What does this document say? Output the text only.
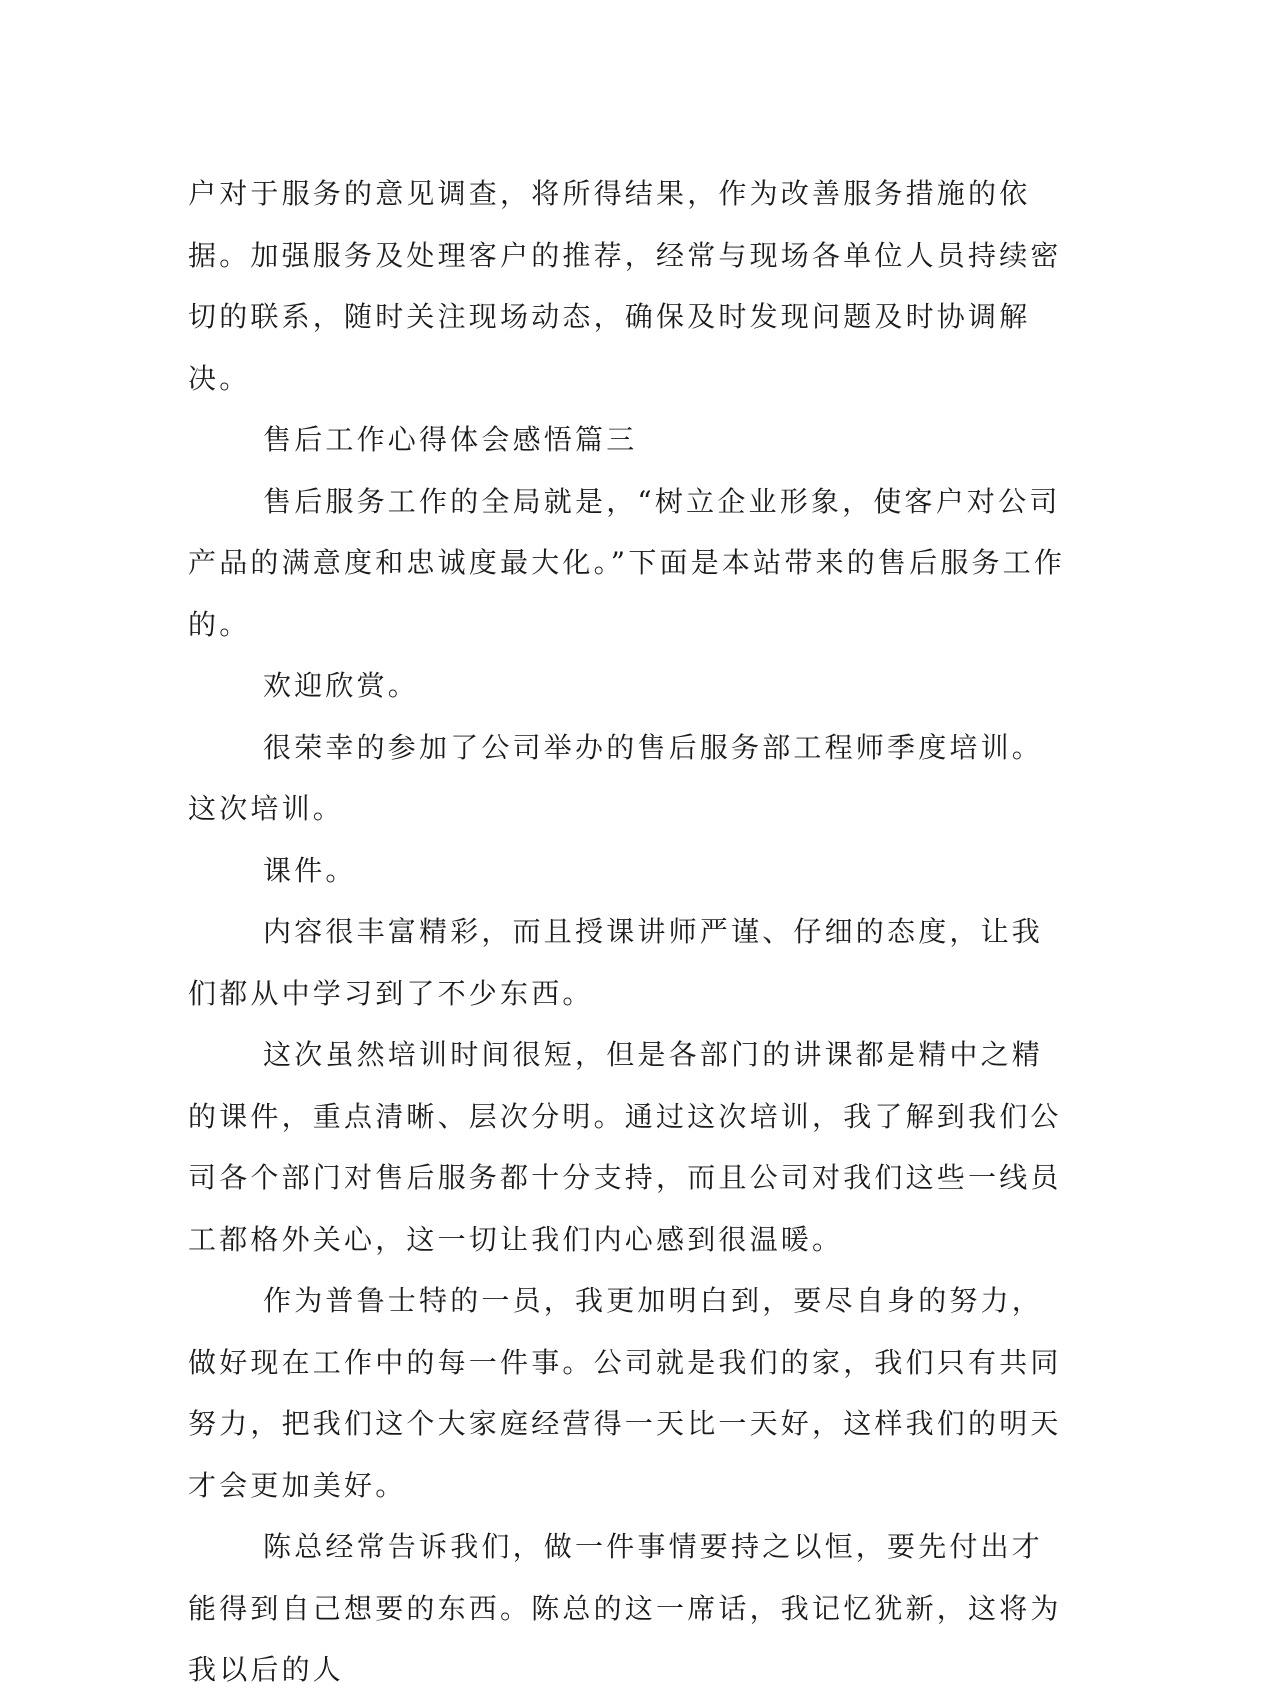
户对于服务的意见调查，将所得结果，作为改善服务措施的依据。加强服务及处理客户的推荐，经常与现场各单位人员持续密切的联系，随时关注现场动态，确保及时发现问题及时协调解决。

售后工作心得体会感悟篇三

售后服务工作的全局就是，“树立企业形象，使客户对公司产品的满意度和忠诚度最大化。”下面是本站带来的售后服务工作的。

欢迎欣赏。

很荣幸的参加了公司举办的售后服务部工程师季度培训。这次培训。

课件。

内容很丰富精彩，而且授课讲师严谨、仔细的态度，让我们都从中学习到了不少东西。

这次虽然培训时间很短，但是各部门的讲课都是精中之精的课件，重点清晰、层次分明。通过这次培训，我了解到我们公司各个部门对售后服务都十分支持，而且公司对我们这些一线员工都格外关心，这一切让我们内心感到很温暖。

作为普鲁士特的一员，我更加明白到，要尽自身的努力，做好现在工作中的每一件事。公司就是我们的家，我们只有共同努力，把我们这个大家庭经营得一天比一天好，这样我们的明天才会更加美好。

陈总经常告诉我们，做一件事情要持之以恒，要先付出才能得到自己想要的东西。陈总的这一席话，我记忆犹新，这将为我以后的人
